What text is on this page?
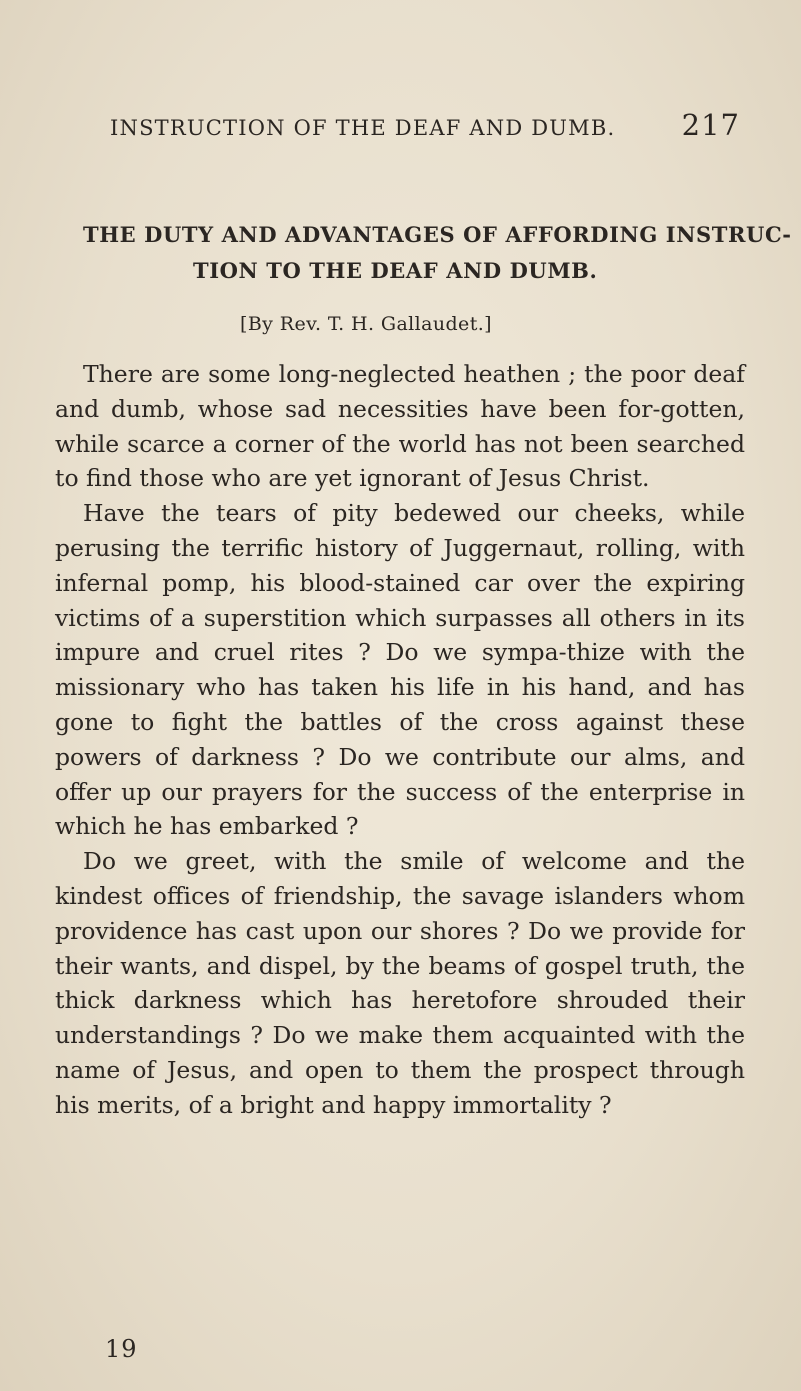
INSTRUCTION OF THE DEAF AND DUMB. 217
THE DUTY AND ADVANTAGES OF AFFORDING INSTRUC-
TION TO THE DEAF AND DUMB.
[By Rev. T. H. Gallaudet.]

There are some long-neglected heathen ; the poor deaf and dumb, whose sad necessities have been for-gotten, while scarce a corner of the world has not been searched to find those who are yet ignorant of Jesus Christ.

Have the tears of pity bedewed our cheeks, while perusing the terrific history of Juggernaut, rolling, with infernal pomp, his blood-stained car over the expiring victims of a superstition which surpasses all others in its impure and cruel rites ? Do we sympa-thize with the missionary who has taken his life in his hand, and has gone to fight the battles of the cross against these powers of darkness ? Do we contribute our alms, and offer up our prayers for the success of the enterprise in which he has embarked ?

Do we greet, with the smile of welcome and the kindest offices of friendship, the savage islanders whom providence has cast upon our shores ? Do we provide for their wants, and dispel, by the beams of gospel truth, the thick darkness which has heretofore shrouded their understandings ? Do we make them acquainted with the name of Jesus, and open to them the prospect through his merits, of a bright and happy immortality ?

19
